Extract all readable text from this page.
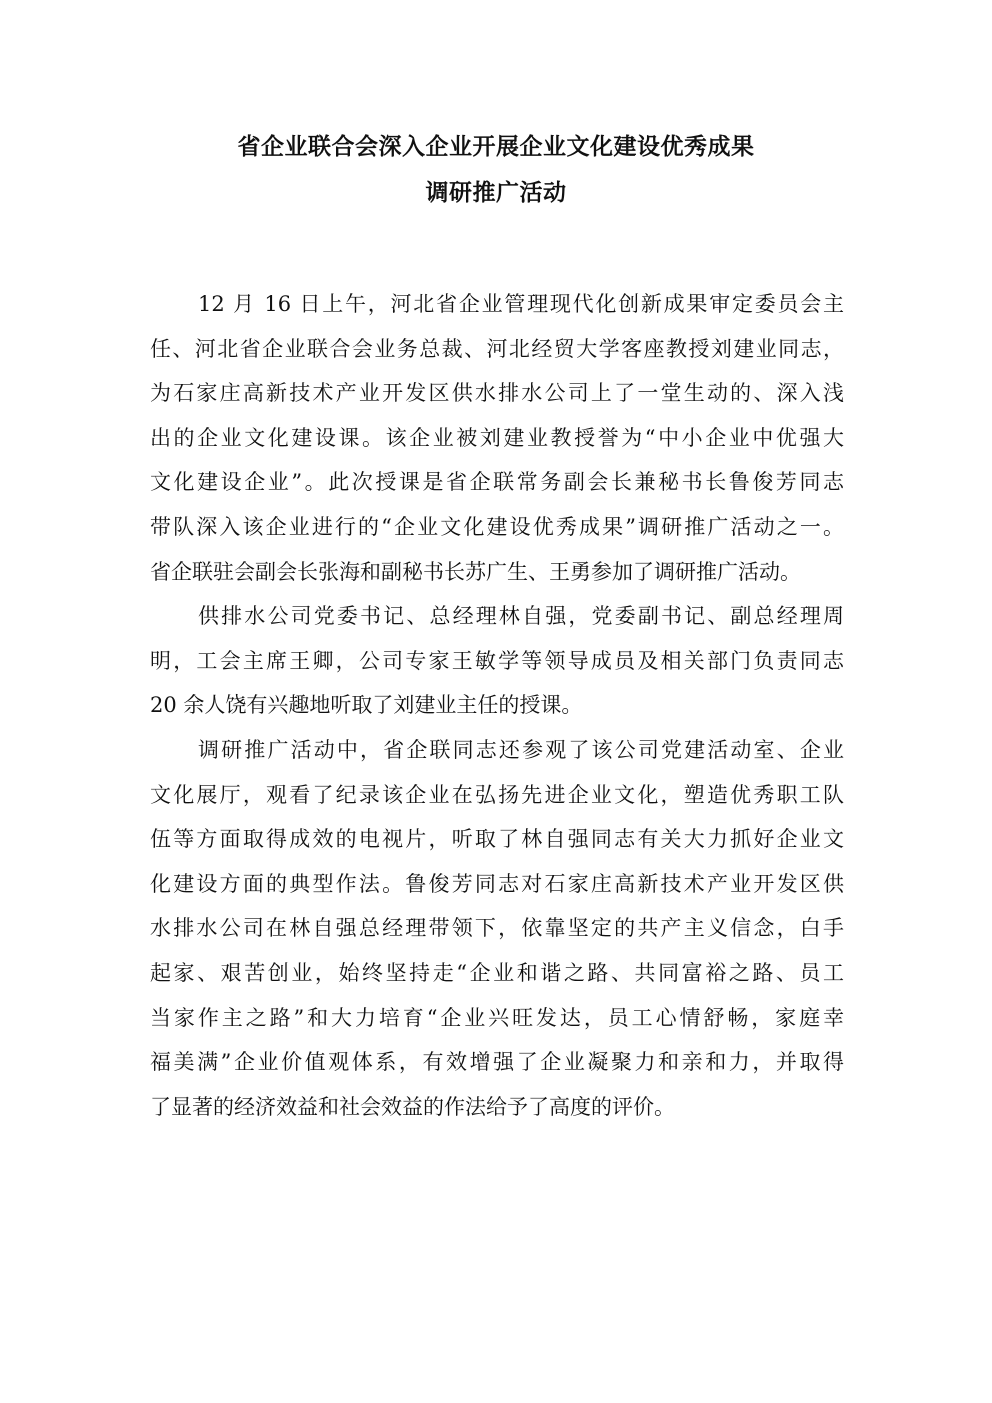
省企业联合会深入企业开展企业文化建设优秀成果
调研推广活动
12 月 16 日上午，河北省企业管理现代化创新成果审定委员会主
任、河北省企业联合会业务总裁、河北经贸大学客座教授刘建业同志，
为石家庄高新技术产业开发区供水排水公司上了一堂生动的、深入浅
出的企业文化建设课。该企业被刘建业教授誉为“中小企业中优强大
文化建设企业”。此次授课是省企联常务副会长兼秘书长鲁俊芳同志
带队深入该企业进行的“企业文化建设优秀成果”调研推广活动之一。
省企联驻会副会长张海和副秘书长苏广生、王勇参加了调研推广活动。
供排水公司党委书记、总经理林自强，党委副书记、副总经理周
明，工会主席王卿，公司专家王敏学等领导成员及相关部门负责同志
20 余人饶有兴趣地听取了刘建业主任的授课。
调研推广活动中，省企联同志还参观了该公司党建活动室、企业
文化展厅，观看了纪录该企业在弘扬先进企业文化，塑造优秀职工队
伍等方面取得成效的电视片，听取了林自强同志有关大力抓好企业文
化建设方面的典型作法。鲁俊芳同志对石家庄高新技术产业开发区供
水排水公司在林自强总经理带领下，依靠坚定的共产主义信念，白手
起家、艰苦创业，始终坚持走“企业和谐之路、共同富裕之路、员工
当家作主之路”和大力培育“企业兴旺发达，员工心情舒畅，家庭幸
福美满”企业价值观体系，有效增强了企业凝聚力和亲和力，并取得
了显著的经济效益和社会效益的作法给予了高度的评价。
